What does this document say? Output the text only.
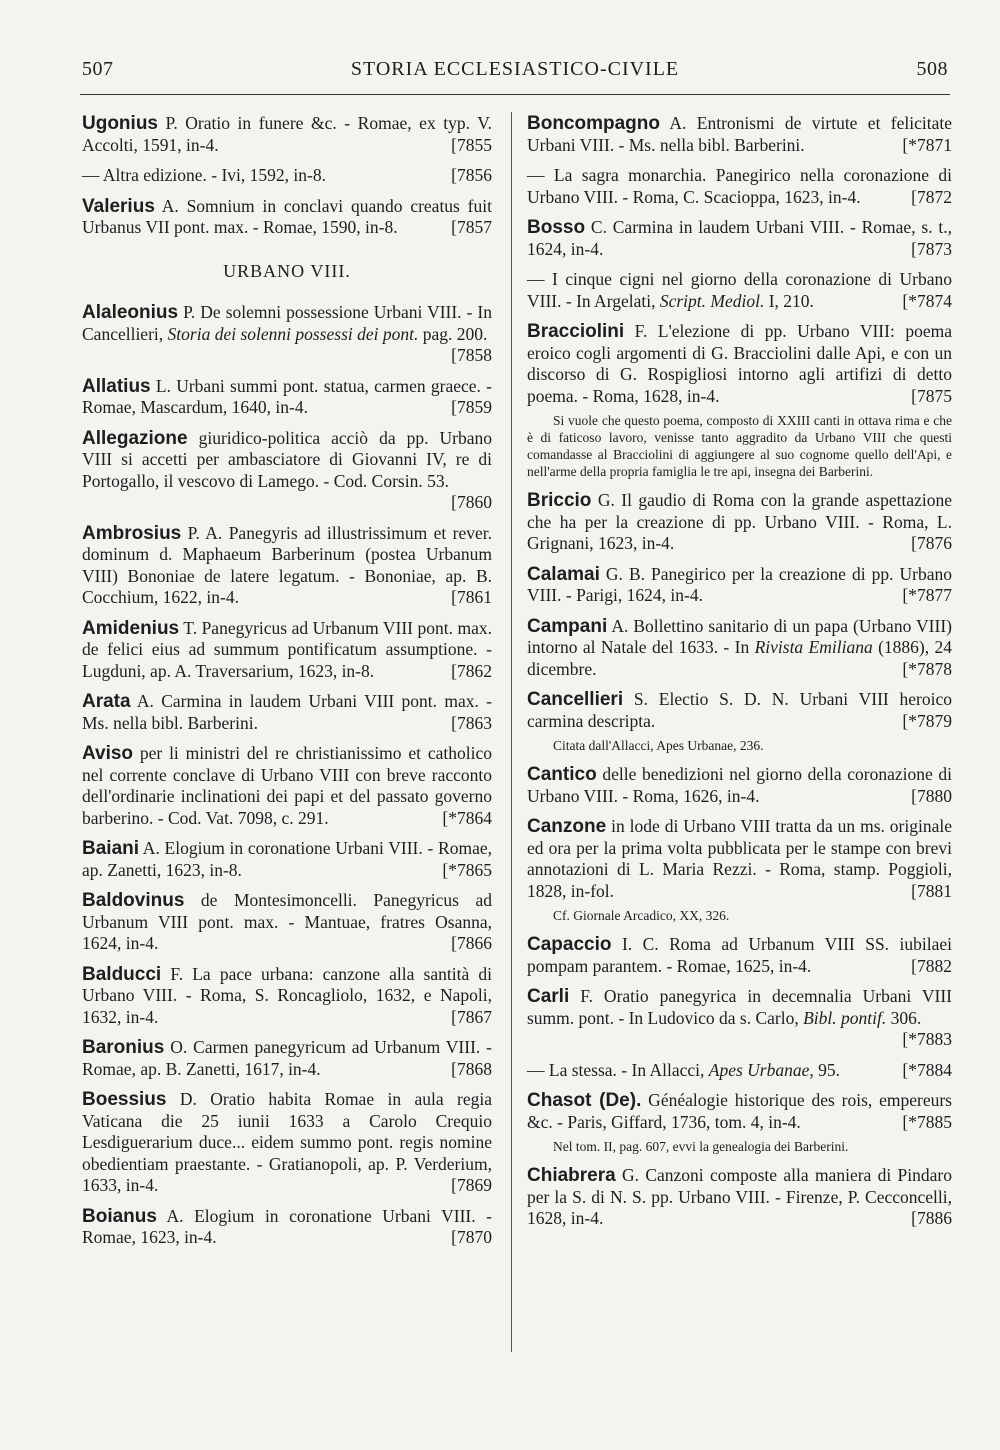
507	STORIA ECCLESIASTICO-CIVILE	508
Ugonius P. Oratio in funere &c. - Romae, ex typ. V. Accolti, 1591, in-4.	[7855
— Altra edizione. - Ivi, 1592, in-8.	[7856
Valerius A. Somnium in conclavi quando creatus fuit Urbanus VII pont. max. - Romae, 1590, in-8.	[7857
URBANO VIII.
Alaleonius P. De solemni possessione Urbani VIII. - In Cancellieri, Storia dei solenni possessi dei pont. pag. 200.
[7858
Allatius L. Urbani summi pont. statua, carmen graece. - Romae, Mascardum, 1640, in-4.	[7859
Allegazione giuridico-politica acciò da pp. Urbano VIII si accetti per ambasciatore di Giovanni IV, re di Portogallo, il vescovo di Lamego. - Cod. Corsin. 53.
[7860
Ambrosius P. A. Panegyris ad illustrissimum et rever. dominum d. Maphaeum Barberinum (postea Urbanum VIII) Bononiae de latere legatum. - Bononiae, ap. B. Cocchium, 1622, in-4.	[7861
Amidenius T. Panegyricus ad Urbanum VIII pont. max. de felici eius ad summum pontificatum assumptione. - Lugduni, ap. A. Traversarium, 1623, in-8.	[7862
Arata A. Carmina in laudem Urbani VIII pont. max. - Ms. nella bibl. Barberini.	[7863
Aviso per li ministri del re christianissimo et catholico nel corrente conclave di Urbano VIII con breve racconto dell'ordinarie inclinationi dei papi et del passato governo barberino. - Cod. Vat. 7098, c. 291.	[*7864
Baiani A. Elogium in coronatione Urbani VIII. - Romae, ap. Zanetti, 1623, in-8.	[*7865
Baldovinus de Montesimoncelli. Panegyricus ad Urbanum VIII pont. max. - Mantuae, fratres Osanna, 1624, in-4.	[7866
Balducci F. La pace urbana: canzone alla santità di Urbano VIII. - Roma, S. Roncagliolo, 1632, e Napoli, 1632, in-4.	[7867
Baronius O. Carmen panegyricum ad Urbanum VIII. - Romae, ap. B. Zanetti, 1617, in-4.	[7868
Boessius D. Oratio habita Romae in aula regia Vaticana die 25 iunii 1633 a Carolo Crequio Lesdiguerarium duce... eidem summo pont. regis nomine obedientiam praestante. - Gratianopoli, ap. P. Verderium, 1633, in-4.	[7869
Boianus A. Elogium in coronatione Urbani VIII. - Romae, 1623, in-4.	[7870
Boncompagno A. Entronismi de virtute et felicitate Urbani VIII. - Ms. nella bibl. Barberini.	[*7871
— La sagra monarchia. Panegirico nella coronazione di Urbano VIII. - Roma, C. Scacioppa, 1623, in-4.	[7872
Bosso C. Carmina in laudem Urbani VIII. - Romae, s. t., 1624, in-4.	[7873
— I cinque cigni nel giorno della coronazione di Urbano VIII. - In Argelati, Script. Mediol. I, 210.	[*7874
Bracciolini F. L'elezione di pp. Urbano VIII: poema eroico cogli argomenti di G. Bracciolini dalle Api, e con un discorso di G. Rospigliosi intorno agli artifizi di detto poema. - Roma, 1628, in-4.	[7875
Si vuole che questo poema, composto di XXIII canti in ottava rima e che è di faticoso lavoro, venisse tanto aggradito da Urbano VIII che questi comandasse al Bracciolini di aggiungere al suo cognome quello dell'Api, e nell'arme della propria famiglia le tre api, insegna dei Barberini.
Briccio G. Il gaudio di Roma con la grande aspettazione che ha per la creazione di pp. Urbano VIII. - Roma, L. Grignani, 1623, in-4.	[7876
Calamai G. B. Panegirico per la creazione di pp. Urbano VIII. - Parigi, 1624, in-4.	[*7877
Campani A. Bollettino sanitario di un papa (Urbano VIII) intorno al Natale del 1633. - In Rivista Emiliana (1886), 24 dicembre.	[*7878
Cancellieri S. Electio S. D. N. Urbani VIII heroico carmina descripta.	[*7879
Citata dall'Allacci, Apes Urbanae, 236.
Cantico delle benedizioni nel giorno della coronazione di Urbano VIII. - Roma, 1626, in-4.	[7880
Canzone in lode di Urbano VIII tratta da un ms. originale ed ora per la prima volta pubblicata per le stampe con brevi annotazioni di L. Maria Rezzi. - Roma, stamp. Poggioli, 1828, in-fol.	[7881
Cf. Giornale Arcadico, XX, 326.
Capaccio I. C. Roma ad Urbanum VIII SS. iubilaei pompam parantem. - Romae, 1625, in-4.	[7882
Carli F. Oratio panegyrica in decemnalia Urbani VIII summ. pont. - In Ludovico da s. Carlo, Bibl. pontif. 306.
[*7883
— La stessa. - In Allacci, Apes Urbanae, 95.	[*7884
Chasot (De). Généalogie historique des rois, empereurs &c. - Paris, Giffard, 1736, tom. 4, in-4.	[*7885
Nel tom. II, pag. 607, evvi la genealogia dei Barberini.
Chiabrera G. Canzoni composte alla maniera di Pindaro per la S. di N. S. pp. Urbano VIII. - Firenze, P. Cecconcelli, 1628, in-4.	[7886
